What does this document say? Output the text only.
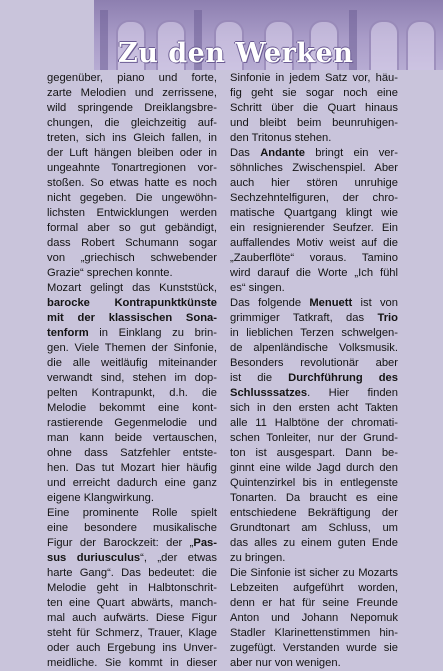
Zu den Werken
gegenüber, piano und forte,
zarte Melodien und zerrissene,
wild springende Dreiklangsbre-
chungen, die gleichzeitig auf-
treten, sich ins Gleich fallen, in
der Luft hängen bleiben oder in
ungeahnte Tonartregionen vor-
stoßen. So etwas hatte es noch
nicht gegeben. Die ungewöhn-
lichsten Entwicklungen werden
formal aber so gut gebändigt,
dass Robert Schumann sogar
von „griechisch schwebender
Grazie“ sprechen konnte.
Mozart gelingt das Kunststück,
barocke Kontrapunktkünste
mit der klassischen Sona-
tenform in Einklang zu brin-
gen. Viele Themen der Sinfonie,
die alle weitläufig miteinander
verwandt sind, stehen im dop-
pelten Kontrapunkt, d.h. die
Melodie bekommt eine kont-
rastierende Gegenmelodie und
man kann beide vertauschen,
ohne dass Satzfehler entste-
hen. Das tut Mozart hier häufig
und erreicht dadurch eine ganz
eigene Klangwirkung.
Eine prominente Rolle spielt
eine besondere musikalische
Figur der Barockzeit: der „Pas-
sus duriusculus“, „der etwas
harte Gang“. Das bedeutet: die
Melodie geht in Halbtonschrit-
ten eine Quart abwärts, manch-
mal auch aufwärts. Diese Figur
steht für Schmerz, Trauer, Klage
oder auch Ergebung ins Unver-
meidliche. Sie kommt in dieser
Sinfonie in jedem Satz vor, häu-
fig geht sie sogar noch eine
Schritt über die Quart hinaus
und bleibt beim beunruhigen-
den Tritonus stehen.
Das Andante bringt ein ver-
söhnliches Zwischenspiel. Aber
auch hier stören unruhige
Sechzehntelfiguren, der chro-
matische Quartgang klingt wie
ein resignierender Seufzer. Ein
auffallendes Motiv weist auf die
„Zauberflöte“ voraus. Tamino
wird darauf die Worte „Ich fühl
es“ singen.
Das folgende Menuett ist von
grimmiger Tatkraft, das Trio
in lieblichen Terzen schwelgen-
de alpenländische Volksmusik.
Besonders revolutionär aber
ist die Durchführung des
Schlusssatzes. Hier finden
sich in den ersten acht Takten
alle 11 Halbtöne der chromati-
schen Tonleiter, nur der Grund-
ton ist ausgespart. Dann be-
ginnt eine wilde Jagd durch den
Quintenzirkel bis in entlegenste
Tonarten. Da braucht es eine
entschiedene Bekräftigung der
Grundtonart am Schluss, um
das alles zu einem guten Ende
zu bringen.
Die Sinfonie ist sicher zu Mozarts
Lebzeiten aufgeführt worden,
denn er hat für seine Freunde
Anton und Johann Nepomuk
Stadler Klarinettenstimmen hin-
zugefügt. Verstanden wurde sie
aber nur von wenigen.
